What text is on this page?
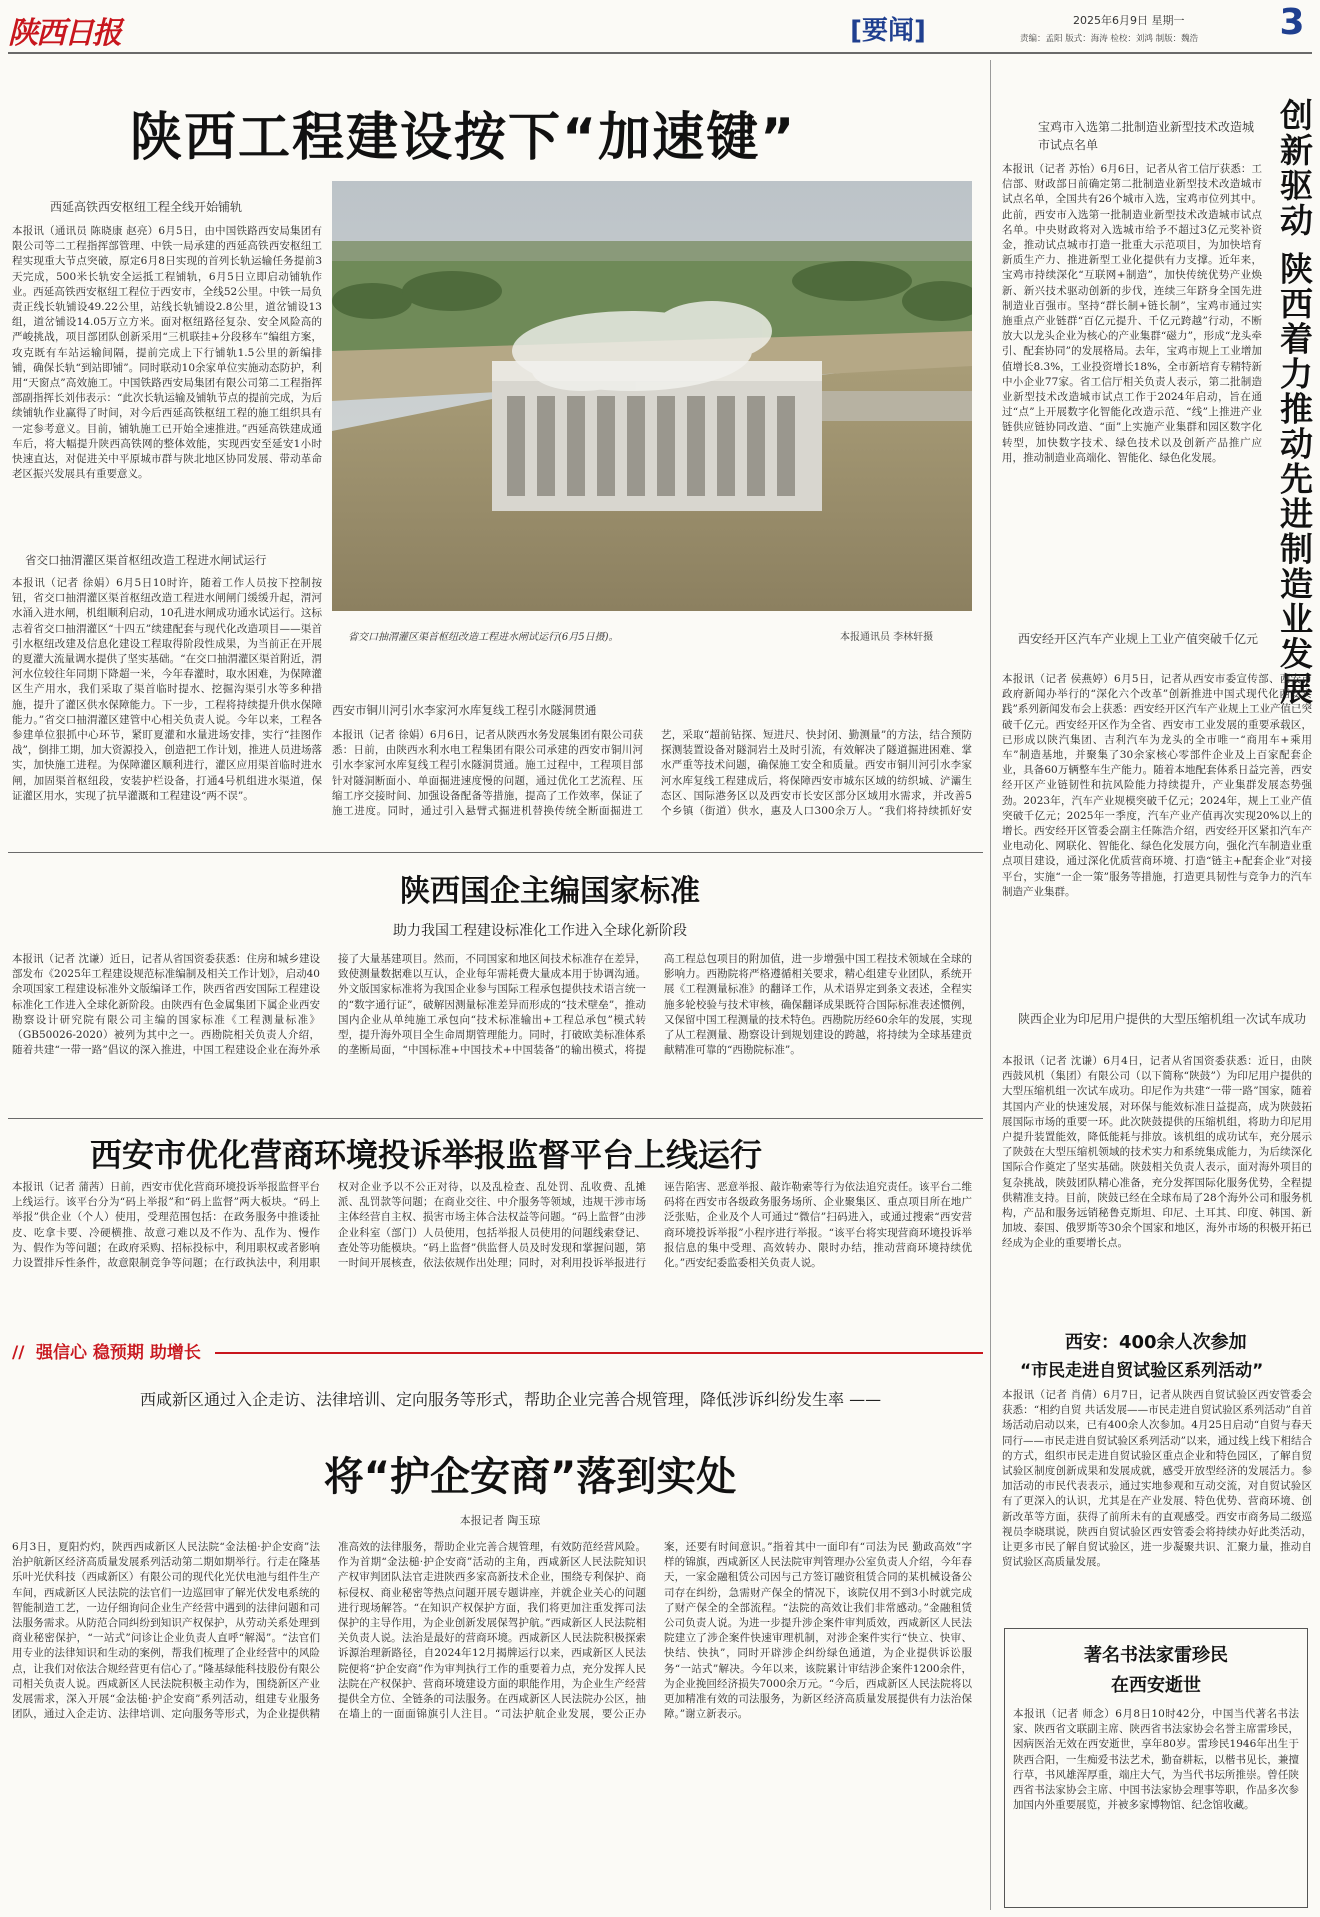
陕西日报	[要闻]	2025年6月9日 星期一
责编：孟阳 版式：海涛 检校：刘鸿 制版：魏浩	3
陕西工程建设按下“加速键”
西延高铁西安枢纽工程全线开始铺轨
本报讯（通讯员 陈晓康 赵亮）6月5日，由中国铁路西安局集团有限公司等二工程指挥部管理、中铁一局承建的西延高铁西安枢纽工程实现重大节点突破，原定6月8日实现的首列长轨运输任务提前3天完成，500米长轨安全运抵工程铺轨，6月5日立即启动铺轨作业。西延高铁西安枢纽工程位于西安市，全线52公里。中铁一局负责正线长轨铺设49.22公里，站线长轨铺设2.8公里，道岔铺设13组，道岔铺设14.05万立方米。面对枢纽路径复杂、安全风险高的严峻挑战，项目部团队创新采用“三机联挂+分段移车”编组方案，攻克既有车站运输间隔，提前完成上下行铺轨1.5公里的新编排铺，确保长轨“到站即铺”。同时联动10余家单位实施动态防护，利用“天窗点”高效施工。中国铁路西安局集团有限公司第二工程指挥部副指挥长刘伟表示：“此次长轨运输及铺轨节点的提前完成，为后续铺轨作业赢得了时间，对今后西延高铁枢纽工程的施工组织具有一定参考意义。目前，铺轨施工已开始全速推进。”西延高铁建成通车后，将大幅提升陕西高铁网的整体效能，实现西安至延安1小时快速直达，对促进关中平原城市群与陕北地区协同发展、带动革命老区振兴发展具有重要意义。
省交口抽渭灌区渠首枢纽改造工程进水闸试运行
本报讯（记者 徐娟）6月5日10时许，随着工作人员按下控制按钮，省交口抽渭灌区渠首枢纽改造工程进水闸闸门缓缓升起，渭河水涌入进水闸，机组顺利启动，10孔进水闸成功通水试运行。这标志着省交口抽渭灌区“十四五”续建配套与现代化改造项目——渠首引水枢纽改建及信息化建设工程取得阶段性成果，为当前正在开展的夏灌大流量调水提供了坚实基础。“在交口抽渭灌区渠首附近，渭河水位较往年同期下降超一米，今年春灌时，取水困难，为保障灌区生产用水，我们采取了渠首临时提水、挖掘沟渠引水等多种措施，提升了灌区供水保障能力。下一步，工程将持续提升供水保障能力。”省交口抽渭灌区建管中心相关负责人说。今年以来，工程各参建单位狠抓中心环节，紧盯夏灌和水量进场安排，实行“挂图作战”，倒排工期，加大资源投入，创造把工作计划，推进人员进场落实，加快施工进程。为保障灌区顺利进行，灌区应用渠首临时进水闸，加固渠首枢纽段，安装护栏设备，打通4号机组进水渠道，保证灌区用水，实现了抗旱灌溉和工程建设“两不误”。
省交口抽渭灌区渠首枢纽改造工程进水闸试运行(6月5日摄)。	本报通讯员 李林轩摄
西安市铜川河引水李家河水库复线工程引水隧洞贯通
本报讯（记者 徐娟）6月6日，记者从陕西水务发展集团有限公司获悉：日前，由陕西水利水电工程集团有限公司承建的西安市铜川河引水李家河水库复线工程引水隧洞贯通。施工过程中，工程项目部针对隧洞断面小、单面掘进速度慢的问题，通过优化工艺流程、压缩工序交接时间、加强设备配备等措施，提高了工作效率，保证了施工进度。同时，通过引入悬臂式掘进机替换传统全断面掘进工艺，采取“超前钻探、短进尺、快封闭、勤测量”的方法，结合预防探测装置设备对隧洞岩土及时引流，有效解决了隧道掘进困难、掌水严重等技术问题，确保施工安全和质量。西安市铜川河引水李家河水库复线工程建成后，将保障西安市城东区域的纺织城、浐灞生态区、国际港务区以及西安市长安区部分区域用水需求，并改善5个乡镇（街道）供水，惠及人口300余万人。“我们将持续抓好安
陕西国企主编国家标准
助力我国工程建设标准化工作进入全球化新阶段
本报讯（记者 沈谦）近日，记者从省国资委获悉：住房和城乡建设部发布《2025年工程建设规范标准编制及相关工作计划》，启动40余项国家工程建设标准外文版编译工作，陕西省西安国际工程建设标准化工作进入全球化新阶段。由陕西有色金属集团下属企业西安勘察设计研究院有限公司主编的国家标准《工程测量标准》（GB50026-2020）被列为其中之一。西勘院相关负责人介绍，随着共建“一带一路”倡议的深入推进，中国工程建设企业在海外承接了大量基建项目。然而，不同国家和地区间技术标准存在差异，致使测量数据难以互认，企业每年需耗费大量成本用于协调沟通。外文版国家标准将为我国企业参与国际工程承包提供技术语言统一的“数字通行证”，破解因测量标准差异而形成的“技术壁垒”，推动国内企业从单纯施工承包向“技术标准输出+工程总承包”模式转型，提升海外项目全生命周期管理能力。同时，打破欧美标准体系的垄断局面，“中国标准+中国技术+中国装备”的输出模式，将提高工程总包项目的附加值，进一步增强中国工程技术领域在全球的影响力。西勘院将严格遵循相关要求，精心组建专业团队，系统开展《工程测量标准》的翻译工作，从术语界定到条文表述，全程实施多轮校验与技术审核，确保翻译成果既符合国际标准表述惯例，又保留中国工程测量的技术特色。西勘院历经60余年的发展，实现了从工程测量、勘察设计到规划建设的跨越，将持续为全球基建贡献精准可靠的“西勘院标准”。
西安市优化营商环境投诉举报监督平台上线运行
本报讯（记者 蒲茜）日前，西安市优化营商环境投诉举报监督平台上线运行。该平台分为“码上举报”和“码上监督”两大板块。“码上举报”供企业（个人）使用，受理范围包括：在政务服务中推诿扯皮、吃拿卡要、冷硬横推、故意刁难以及不作为、乱作为、慢作为、假作为等问题；在政府采购、招标投标中，利用职权或者影响力设置排斥性条件，故意限制竞争等问题；在行政执法中，利用职权对企业予以不公正对待，以及乱检查、乱处罚、乱收费、乱摊派、乱罚款等问题；在商业交往、中介服务等领域，违规干涉市场主体经营自主权、损害市场主体合法权益等问题。“码上监督”由涉企业科室（部门）人员使用，包括举报人员使用的问题线索登记、查处等功能模块。“码上监督”供监督人员及时发现和掌握问题，第一时间开展核查，依法依规作出处理；同时，对利用投诉举报进行诬告陷害、恶意举报、敲诈勒索等行为依法追究责任。该平台二维码将在西安市各级政务服务场所、企业聚集区、重点项目所在地广泛张贴，企业及个人可通过“微信”扫码进入，或通过搜索“西安营商环境投诉举报”小程序进行举报。“该平台将实现营商环境投诉举报信息的集中受理、高效转办、限时办结，推动营商环境持续优化。”西安纪委监委相关负责人说。
// 强信心 稳预期 助增长
西咸新区通过入企走访、法律培训、定向服务等形式，帮助企业完善合规管理，降低涉诉纠纷发生率 ——
将“护企安商”落到实处
本报记者 陶玉琼
6月3日，夏阳灼灼，陕西西咸新区人民法院“金法槌·护企安商”法治护航新区经济高质量发展系列活动第二期如期举行。行走在隆基乐叶光伏科技（西咸新区）有限公司的现代化光伏电池与组件生产车间，西咸新区人民法院的法官们一边巡回审了解光伏发电系统的智能制造工艺，一边仔细询问企业生产经营中遇到的法律问题和司法服务需求。从防范合同纠纷到知识产权保护，从劳动关系处理到商业秘密保护，“一站式”问诊让企业负责人直呼“解渴”。“法官们用专业的法律知识和生动的案例，帮我们梳理了企业经营中的风险点，让我们对依法合规经营更有信心了。”隆基绿能科技股份有限公司相关负责人说。西咸新区人民法院积极主动作为，围绕新区产业发展需求，深入开展“金法槌·护企安商”系列活动，组建专业服务团队，通过入企走访、法律培训、定向服务等形式，为企业提供精准高效的法律服务，帮助企业完善合规管理，有效防范经营风险。作为首期“金法槌·护企安商”活动的主角，西咸新区人民法院知识产权审判团队法官走进陕西多家高新技术企业，围绕专利保护、商标侵权、商业秘密等热点问题开展专题讲座，并就企业关心的问题进行现场解答。“在知识产权保护方面，我们将更加注重发挥司法保护的主导作用，为企业创新发展保驾护航。”西咸新区人民法院相关负责人说。法治是最好的营商环境。西咸新区人民法院积极探索诉源治理新路径，自2024年12月揭牌运行以来，西咸新区人民法院便将“护企安商”作为审判执行工作的重要着力点，充分发挥人民法院在产权保护、营商环境建设方面的职能作用，为企业生产经营提供全方位、全链条的司法服务。在西咸新区人民法院办公区，抽在墙上的一面面锦旗引人注目。“司法护航企业发展，要公正办案，还要有时间意识。”指着其中一面印有“司法为民 勤政高效”字样的锦旗，西咸新区人民法院审判管理办公室负责人介绍，今年春天，一家金融租赁公司因与己方签订融资租赁合同的某机械设备公司存在纠纷，急需财产保全的情况下，该院仅用不到3小时就完成了财产保全的全部流程。“法院的高效让我们非常感动。”金融租赁公司负责人说。为进一步提升涉企案件审判质效，西咸新区人民法院建立了涉企案件快速审理机制，对涉企案件实行“快立、快审、快结、快执”，同时开辟涉企纠纷绿色通道，为企业提供诉讼服务“一站式”解决。今年以来，该院累计审结涉企案件1200余件，为企业挽回经济损失7000余万元。“今后，西咸新区人民法院将以更加精准有效的司法服务，为新区经济高质量发展提供有力法治保障。”谢立新表示。
创新驱动 陕西着力推动先进制造业发展
宝鸡市入选第二批制造业新型技术改造城市试点名单
本报讯（记者 苏怡）6月6日，记者从省工信厅获悉：工信部、财政部日前确定第二批制造业新型技术改造城市试点名单，全国共有26个城市入选，宝鸡市位列其中。此前，西安市入选第一批制造业新型技术改造城市试点名单。中央财政将对入选城市给予不超过3亿元奖补资金，推动试点城市打造一批重大示范项目，为加快培育新质生产力、推进新型工业化提供有力支撑。近年来，宝鸡市持续深化“互联网+制造”，加快传统优势产业焕新、新兴技术驱动创新的步伐，连续三年跻身全国先进制造业百强市。坚持“群长制+链长制”，宝鸡市通过实施重点产业链群“百亿元提升、千亿元跨越”行动，不断放大以龙头企业为核心的产业集群“磁力”，形成“龙头牵引、配套协同”的发展格局。去年，宝鸡市规上工业增加值增长8.3%，工业投资增长18%，全市新培育专精特新中小企业77家。省工信厅相关负责人表示，第二批制造业新型技术改造城市试点工作于2024年启动，旨在通过“点”上开展数字化智能化改造示范、“线”上推进产业链供应链协同改造、“面”上实施产业集群和园区数字化转型，加快数字技术、绿色技术以及创新产品推广应用，推动制造业高端化、智能化、绿色化发展。
西安经开区汽车产业规上工业产值突破千亿元
本报讯（记者 侯燕婷）6月5日，记者从西安市委宣传部、西安市政府新闻办举行的“深化六个改革”创新推进中国式现代化西安实践”系列新闻发布会上获悉：西安经开区汽车产业规上工业产值已突破千亿元。西安经开区作为全省、西安市工业发展的重要承载区，已形成以陕汽集团、吉利汽车为龙头的全市唯一“商用车+乘用车”制造基地，并聚集了30余家核心零部件企业及上百家配套企业，具备60万辆整车生产能力。随着本地配套体系日益完善，西安经开区产业链韧性和抗风险能力持续提升，产业集群发展态势强劲。2023年，汽车产业规模突破千亿元；2024年，规上工业产值突破千亿元；2025年一季度，汽车产业产值再次实现20%以上的增长。西安经开区管委会副主任陈浩介绍，西安经开区紧扣汽车产业电动化、网联化、智能化、绿色化发展方向，强化汽车制造业重点项目建设，通过深化优质营商环境、打造“链主+配套企业”对接平台，实施“一企一策”服务等措施，打造更具韧性与竞争力的汽车制造产业集群。
陕西企业为印尼用户提供的大型压缩机组一次试车成功
本报讯（记者 沈谦）6月4日，记者从省国资委获悉：近日，由陕西鼓风机（集团）有限公司（以下简称“陕鼓”）为印尼用户提供的大型压缩机组一次试车成功。印尼作为共建“一带一路”国家，随着其国内产业的快速发展，对环保与能效标准日益提高，成为陕鼓拓展国际市场的重要一环。此次陕鼓提供的压缩机组，将助力印尼用户提升装置能效，降低能耗与排放。该机组的成功试车，充分展示了陕鼓在大型压缩机领域的技术实力和系统集成能力，为后续深化国际合作奠定了坚实基础。陕鼓相关负责人表示，面对海外项目的复杂挑战，陕鼓团队精心准备，充分发挥国际化服务优势，全程提供精准支持。目前，陕鼓已经在全球布局了28个海外公司和服务机构，产品和服务远销秘鲁克斯坦、印尼、土耳其、印度、韩国、新加坡、泰国、俄罗斯等30余个国家和地区，海外市场的积极开拓已经成为企业的重要增长点。
西安：400余人次参加
“市民走进自贸试验区系列活动”
本报讯（记者 肖倩）6月7日，记者从陕西自贸试验区西安管委会获悉：“相约自贸 共话发展——市民走进自贸试验区系列活动”自首场活动启动以来，已有400余人次参加。4月25日启动“自贸与春天同行——市民走进自贸试验区系列活动”以来，通过线上线下相结合的方式，组织市民走进自贸试验区重点企业和特色园区，了解自贸试验区制度创新成果和发展成就，感受开放型经济的发展活力。参加活动的市民代表表示，通过实地参观和互动交流，对自贸试验区有了更深入的认识，尤其是在产业发展、特色优势、营商环境、创新改革等方面，获得了前所未有的直观感受。西安市商务局二级巡视员李晓琪说，陕西自贸试验区西安管委会将持续办好此类活动，让更多市民了解自贸试验区，进一步凝聚共识、汇聚力量，推动自贸试验区高质量发展。
著名书法家雷珍民
在西安逝世
本报讯（记者 师念）6月8日10时42分，中国当代著名书法家、陕西省文联副主席、陕西省书法家协会名誉主席雷珍民，因病医治无效在西安逝世，享年80岁。雷珍民1946年出生于陕西合阳，一生痴爱书法艺术，勤奋耕耘，以楷书见长，兼擅行草，书风雄浑厚重，端庄大气，为当代书坛所推崇。曾任陕西省书法家协会主席、中国书法家协会理事等职，作品多次参加国内外重要展览，并被多家博物馆、纪念馆收藏。
